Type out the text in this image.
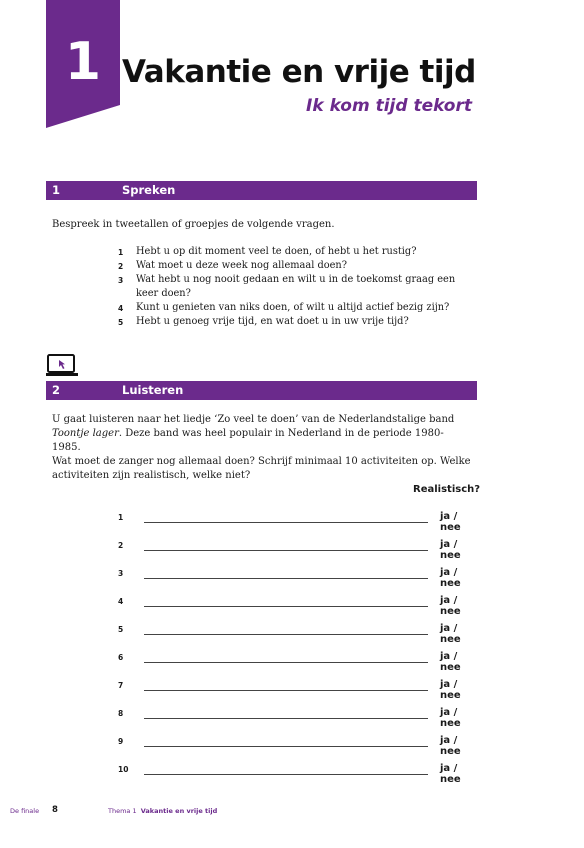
1 Vakantie en vrije tijd
Ik kom tijd tekort
1	Spreken
Bespreek in tweetallen of groepjes de volgende vragen.
1 Hebt u op dit moment veel te doen, of hebt u het rustig?
2 Wat moet u deze week nog allemaal doen?
3 Wat hebt u nog nooit gedaan en wilt u in de toekomst graag een keer doen?
4 Kunt u genieten van niks doen, of wilt u altijd actief bezig zijn?
5 Hebt u genoeg vrije tijd, en wat doet u in uw vrije tijd?
2	Luisteren
U gaat luisteren naar het liedje ‘Zo veel te doen’ van de Nederlandstalige band Toontje lager. Deze band was heel populair in Nederland in de periode 1980-1985.
Wat moet de zanger nog allemaal doen? Schrijf minimaal 10 activiteiten op. Welke activiteiten zijn realistisch, welke niet?
Realistisch?
1	ja / nee
2	ja / nee
3	ja / nee
4	ja / nee
5	ja / nee
6	ja / nee
7	ja / nee
8	ja / nee
9	ja / nee
10	ja / nee
De finale 8	Thema 1 Vakantie en vrije tijd
